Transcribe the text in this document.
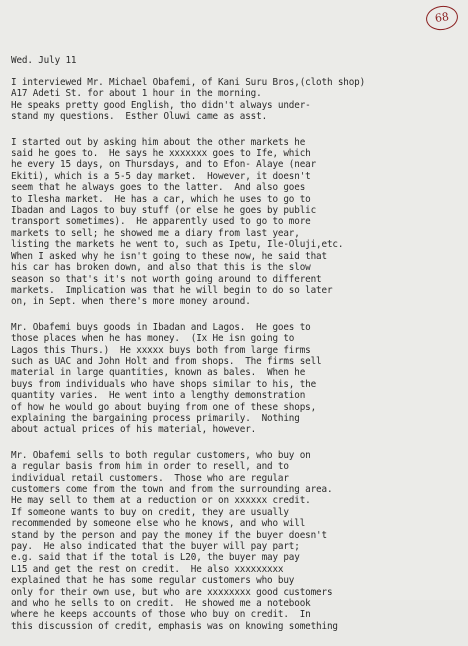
68
Wed. July 11
I interviewed Mr. Michael Obafemi, of Kani Suru Bros,(cloth shop)
A17 Adeti St. for about 1 hour in the morning.
He speaks pretty good English, tho didn't always under-
stand my questions.  Esther Oluwi came as asst.
I started out by asking him about the other markets he
said he goes to.  He says he xxxxxxx goes to Ife, which
he every 15 days, on Thursdays, and to Efon- Alaye (near
Ekiti), which is a 5-5 day market.  However, it doesn't
seem that he always goes to the latter.  And also goes
to Ilesha market.  He has a car, which he uses to go to
Ibadan and Lagos to buy stuff (or else he goes by public
transport sometimes).  He apparently used to go to more
markets to sell; he showed me a diary from last year,
listing the markets he went to, such as Ipetu, Ile-Oluji,etc.
When I asked why he isn't going to these now, he said that
his car has broken down, and also that this is the slow
season so that's it's not worth going around to different
markets.  Implication was that he will begin to do so later
on, in Sept. when there's more money around.
Mr. Obafemi buys goods in Ibadan and Lagos.  He goes to
those places when he has money.  (Ix He isn going to
Lagos this Thurs.)  He xxxxx buys both from large firms
such as UAC and John Holt and from shops.  The firms sell
material in large quantities, known as bales.  When he
buys from individuals who have shops similar to his, the
quantity varies.  He went into a lengthy demonstration
of how he would go about buying from one of these shops,
explaining the bargaining process primarily.  Nothing
about actual prices of his material, however.
Mr. Obafemi sells to both regular customers, who buy on
a regular basis from him in order to resell, and to
individual retail customers.  Those who are regular
customers come from the town and from the surrounding area.
He may sell to them at a reduction or on xxxxxx credit.
If someone wants to buy on credit, they are usually
recommended by someone else who he knows, and who will
stand by the person and pay the money if the buyer doesn't
pay.  He also indicated that the buyer will pay part;
e.g. said that if the total is L20, the buyer may pay
L15 and get the rest on credit.  He also xxxxxxxxx
explained that he has some regular customers who buy
only for their own use, but who are xxxxxxxx good customers
and who he sells to on credit.  He showed me a notebook
where he keeps accounts of those who buy on credit.  In
this discussion of credit, emphasis was on knowing something
